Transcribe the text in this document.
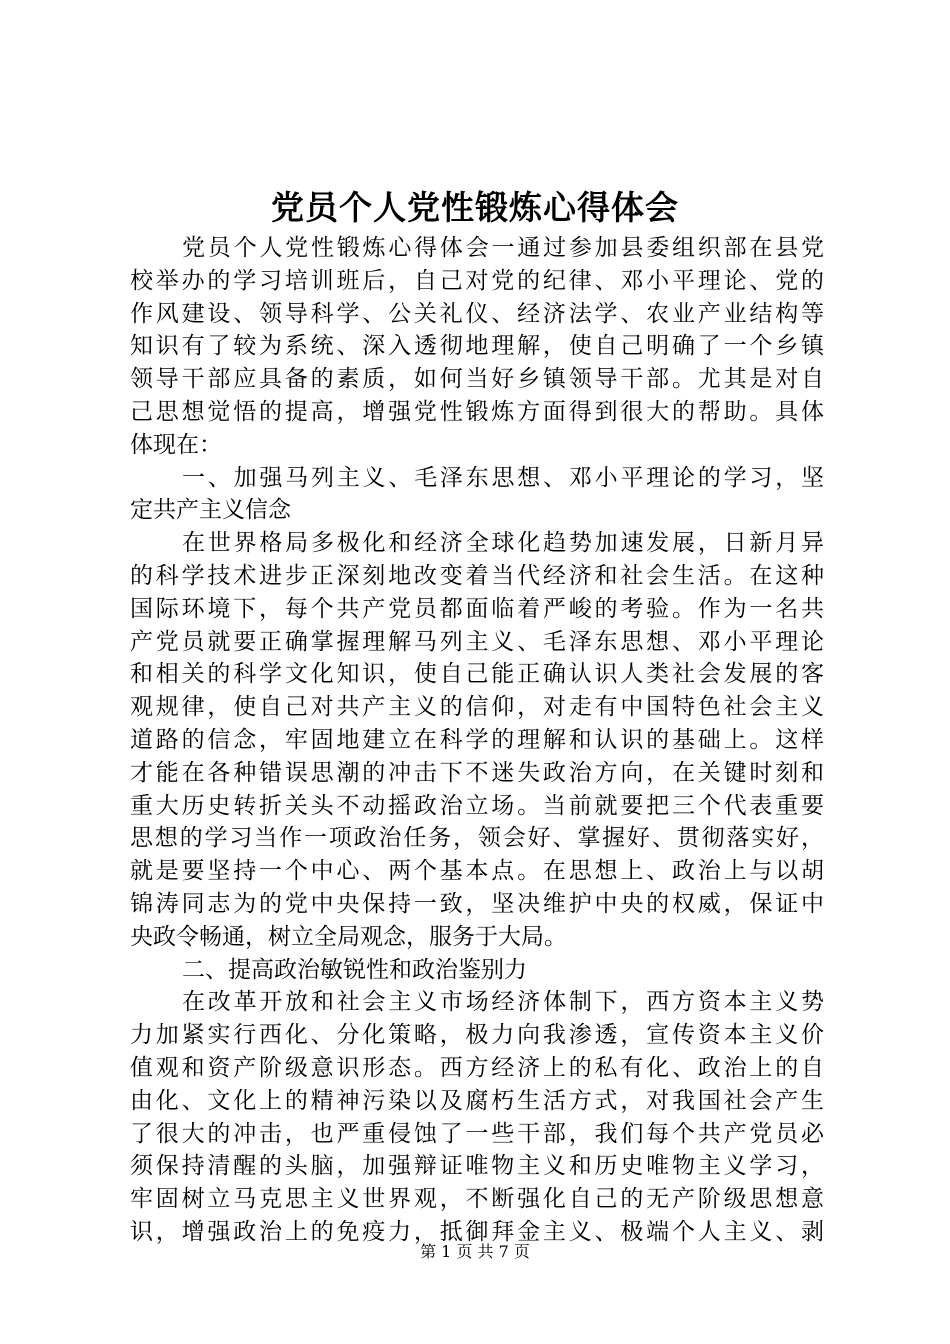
党员个人党性锻炼心得体会
党员个人党性锻炼心得体会一通过参加县委组织部在县党
校举办的学习培训班后，自己对党的纪律、邓小平理论、党的
作风建设、领导科学、公关礼仪、经济法学、农业产业结构等
知识有了较为系统、深入透彻地理解，使自己明确了一个乡镇
领导干部应具备的素质，如何当好乡镇领导干部。尤其是对自
己思想觉悟的提高，增强党性锻炼方面得到很大的帮助。具体
体现在：
一、加强马列主义、毛泽东思想、邓小平理论的学习，坚
定共产主义信念
在世界格局多极化和经济全球化趋势加速发展，日新月异
的科学技术进步正深刻地改变着当代经济和社会生活。在这种
国际环境下，每个共产党员都面临着严峻的考验。作为一名共
产党员就要正确掌握理解马列主义、毛泽东思想、邓小平理论
和相关的科学文化知识，使自己能正确认识人类社会发展的客
观规律，使自己对共产主义的信仰，对走有中国特色社会主义
道路的信念，牢固地建立在科学的理解和认识的基础上。这样
才能在各种错误思潮的冲击下不迷失政治方向，在关键时刻和
重大历史转折关头不动摇政治立场。当前就要把三个代表重要
思想的学习当作一项政治任务，领会好、掌握好、贯彻落实好，
就是要坚持一个中心、两个基本点。在思想上、政治上与以胡
锦涛同志为的党中央保持一致，坚决维护中央的权威，保证中
央政令畅通，树立全局观念，服务于大局。
二、提高政治敏锐性和政治鉴别力
在改革开放和社会主义市场经济体制下，西方资本主义势
力加紧实行西化、分化策略，极力向我渗透，宣传资本主义价
值观和资产阶级意识形态。西方经济上的私有化、政治上的自
由化、文化上的精神污染以及腐朽生活方式，对我国社会产生
了很大的冲击，也严重侵蚀了一些干部，我们每个共产党员必
须保持清醒的头脑，加强辩证唯物主义和历史唯物主义学习，
牢固树立马克思主义世界观，不断强化自己的无产阶级思想意
识，增强政治上的免疫力，抵御拜金主义、极端个人主义、剥
第 1 页 共 7 页
